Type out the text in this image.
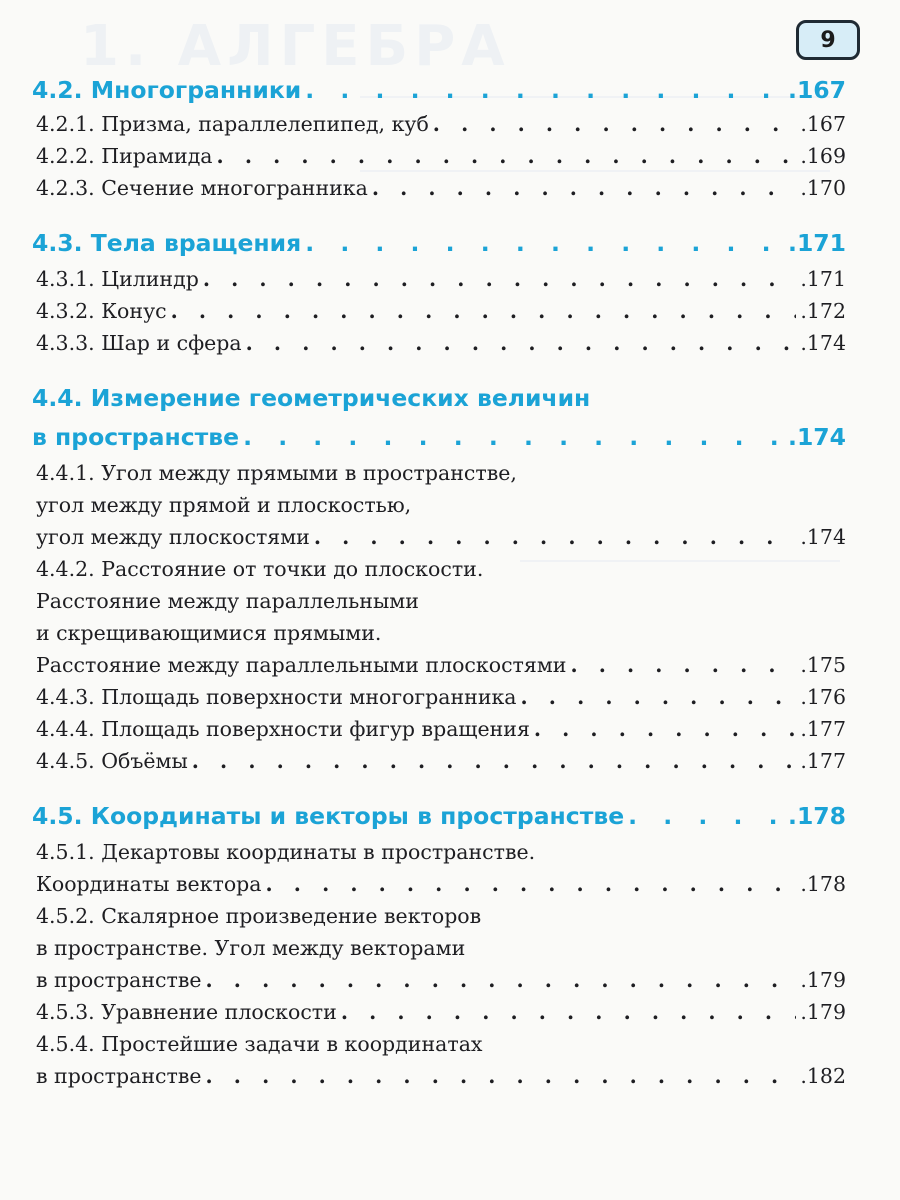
1. АЛГЕБРА	9
4.2. Многогранники . . .	.167
4.2.1. Призма, параллелепипед, куб . . .	.167
4.2.2. Пирамида . . .	.169
4.2.3. Сечение многогранника . . .	.170
4.3. Тела вращения . . .	.171
4.3.1. Цилиндр . . .	.171
4.3.2. Конус . . .	.172
4.3.3. Шар и сфера . . .	.174
4.4. Измерение геометрических величин
в пространстве . . .	.174
4.4.1. Угол между прямыми в пространстве,
угол между прямой и плоскостью,
угол между плоскостями . . .	.174
4.4.2. Расстояние от точки до плоскости.
Расстояние между параллельными
и скрещивающимися прямыми.
Расстояние между параллельными плоскостями . . .	.175
4.4.3. Площадь поверхности многогранника . . .	.176
4.4.4. Площадь поверхности фигур вращения . . .	.177
4.4.5. Объёмы . . .	.177
4.5. Координаты и векторы в пространстве . . .	.178
4.5.1. Декартовы координаты в пространстве.
Координаты вектора . . .	.178
4.5.2. Скалярное произведение векторов
в пространстве. Угол между векторами
в пространстве . . .	.179
4.5.3. Уравнение плоскости . . .	.179
4.5.4. Простейшие задачи в координатах
в пространстве . . .	.182
